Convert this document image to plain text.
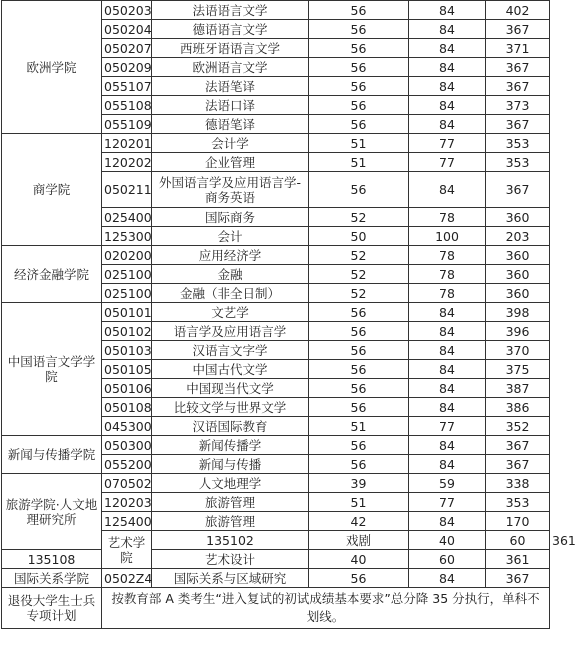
欧洲学院	050203	法语语言文学	56	84	402	
	050204	德语语言文学	56	84	367	
	050207	西班牙语语言文学	56	84	371	
	050209	欧洲语言文学	56	84	367	
	055107	法语笔译	56	84	367	
	055108	法语口译	56	84	373	
	055109	德语笔译	56	84	367	
商学院	120201	会计学	51	77	353	
	120202	企业管理	51	77	353	
	050211	外国语言学及应用语言学-商务英语	56	84	367	
	025400	国际商务	52	78	360	
	125300	会计	50	100	203	
经济金融学院	020200	应用经济学	52	78	360	
	025100	金融	52	78	360	
	025100	金融（非全日制）	52	78	360	
中国语言文学学院	050101	文艺学	56	84	398	
	050102	语言学及应用语言学	56	84	396	
	050103	汉语言文字学	56	84	370	
	050105	中国古代文学	56	84	375	
	050106	中国现当代文学	56	84	387	
	050108	比较文学与世界文学	56	84	386	
	045300	汉语国际教育	51	77	352	
新闻与传播学院	050300	新闻传播学	56	84	367	
	055200	新闻与传播	56	84	367	
旅游学院·人文地理研究所	070502	人文地理学	39	59	338	
	120203	旅游管理	51	77	353	
	125400	旅游管理	42	84	170	
	艺术学院	135102	戏剧	40	60	361
135108		艺术设计	40	60	361	
国际关系学院	0502Z4	国际关系与区域研究	56	84	367	
退役大学生士兵专项计划	按教育部 A 类考生“进入复试的初试成绩基本要求”总分降 35 分执行，单科不划线。					
